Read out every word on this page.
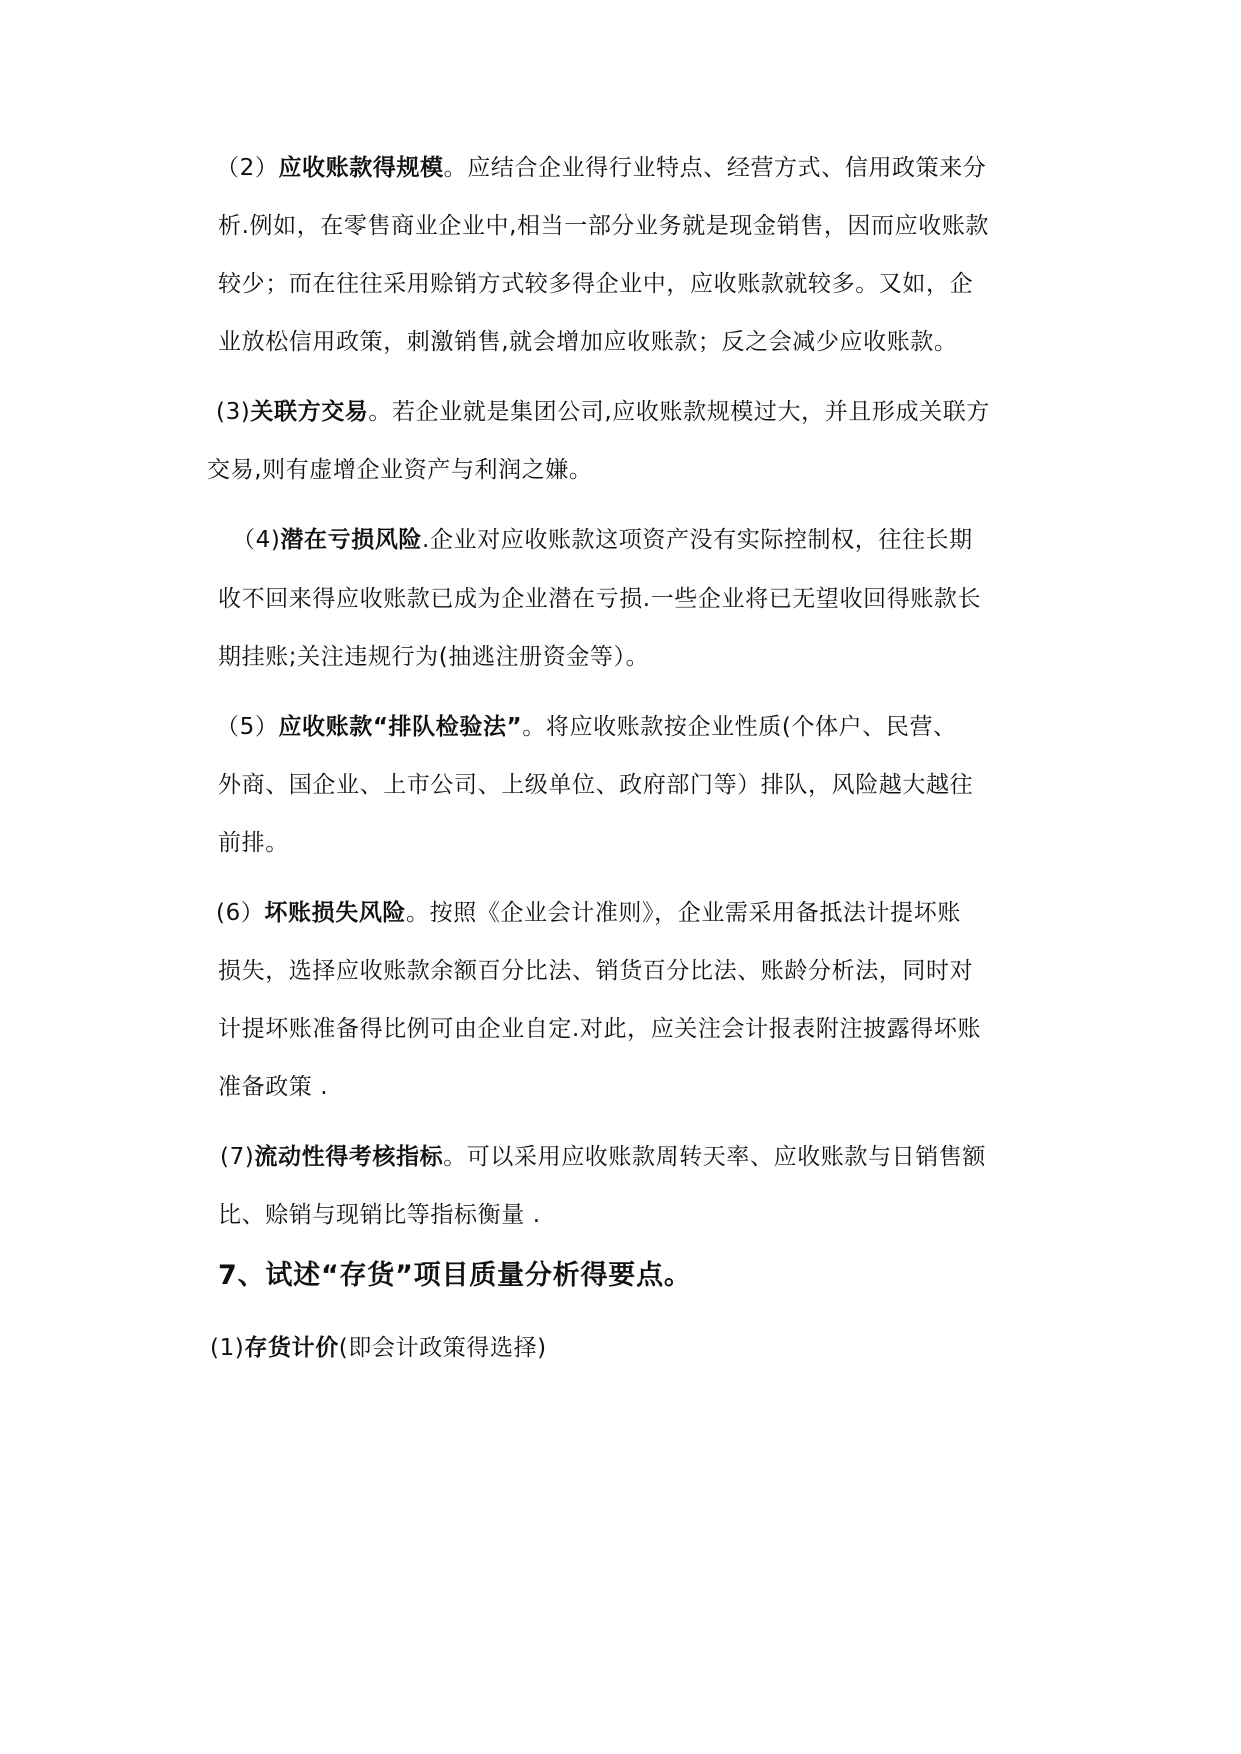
（2）应收账款得规模。应结合企业得行业特点、经营方式、信用政策来分
析.例如，在零售商业企业中,相当一部分业务就是现金销售，因而应收账款
较少；而在往往采用赊销方式较多得企业中，应收账款就较多。又如，企
业放松信用政策，刺激销售,就会增加应收账款；反之会减少应收账款。
(3)关联方交易。若企业就是集团公司,应收账款规模过大，并且形成关联方
交易,则有虚增企业资产与利润之嫌。
（4)潜在亏损风险.企业对应收账款这项资产没有实际控制权，往往长期
收不回来得应收账款已成为企业潜在亏损.一些企业将已无望收回得账款长
期挂账;关注违规行为(抽逃注册资金等）。
（5）应收账款“排队检验法”。将应收账款按企业性质(个体户、民营、
外商、国企业、上市公司、上级单位、政府部门等）排队，风险越大越往
前排。
(6）坏账损失风险。按照《企业会计准则》，企业需采用备抵法计提坏账
损失，选择应收账款余额百分比法、销货百分比法、账龄分析法，同时对
计提坏账准备得比例可由企业自定.对此，应关注会计报表附注披露得坏账
准备政策 .
(7)流动性得考核指标。可以采用应收账款周转天率、应收账款与日销售额
比、赊销与现销比等指标衡量 .
7、试述“存货”项目质量分析得要点。
(1)存货计价(即会计政策得选择)
